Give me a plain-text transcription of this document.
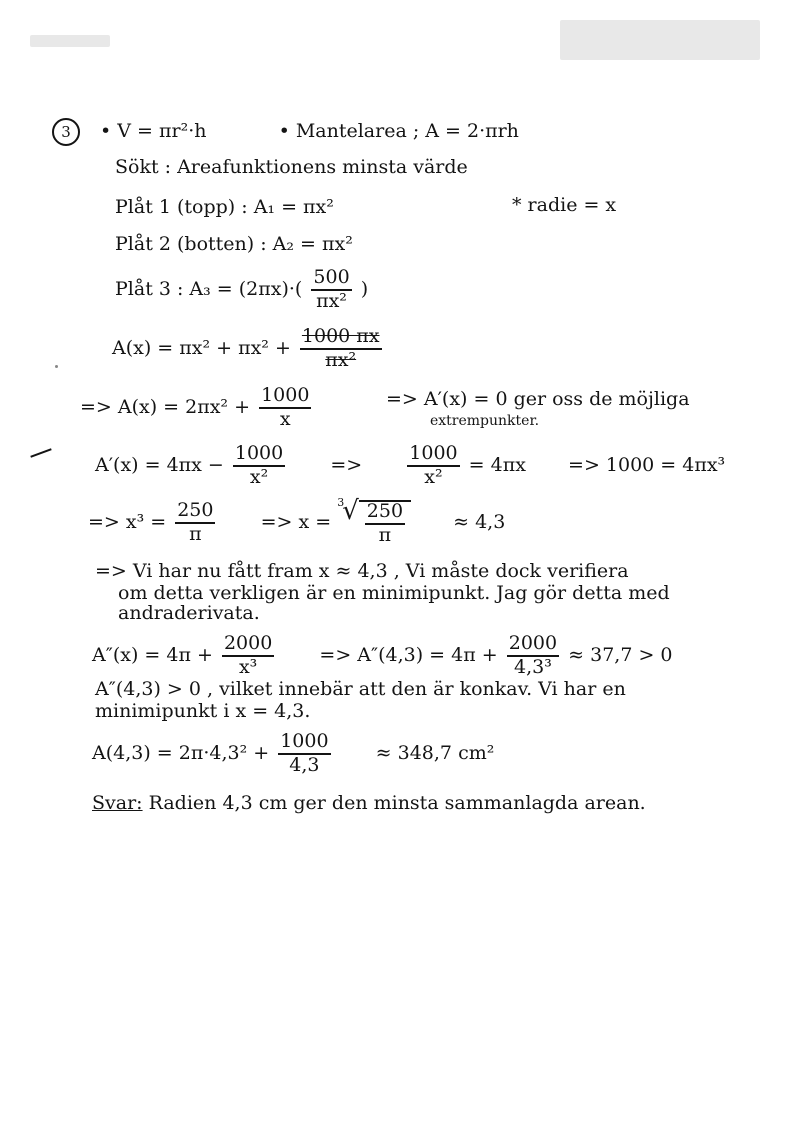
3 • V = πr²·h	• Mantelarea ; A = 2·πrh
Sökt : Areafunktionens minsta värde
Plåt 1 (topp) : A₁ = πx²	* radie = x
Plåt 2 (botten) : A₂ = πx²
Plåt 3 : $A_3 = (2\pi x)\cdot( \frac{500}{\text{πx²}}$ )
$A(x) = \pi x^2 + \pi x^2 + \frac{1000 \pi x}{\text{πx²}}$
=> $A(x) = 2\pi x^2 + \frac{1000}{x}$	=> A′(x) = 0 ger oss de möjliga
extrempunkter.
$A'(x) = 4\pi x - \frac{1000}{\text{x²}} => \frac{1000}{\text{x²}} = 4\pi x => 1000 = 4\pi x^3$
=> $x^3 = \frac{250}{\pi} => x$ =
3
√ $\frac{250}{\pi}$	≈ 4,3
=> Vi har nu fått fram x ≈ 4,3 , Vi måste dock verifiera
om detta verkligen är en minimipunkt. Jag gör detta med
andraderivata.
$A''(x) = 4\pi + \frac{2000}{\text{x³}} => A''(4,3) = 4\pi + \frac{2000}{\text{4,3³}} \approx 37,7 > 0$
A″(4,3) > 0 , vilket innebär att den är konkav. Vi har en
minimipunkt i x = 4,3.
$A(4,3) = 2\pi\cdot 4,3^2 + \frac{1000}{4,3} \approx 348,7$ cm²
Svar: Radien 4,3 cm ger den minsta sammanlagda arean.
